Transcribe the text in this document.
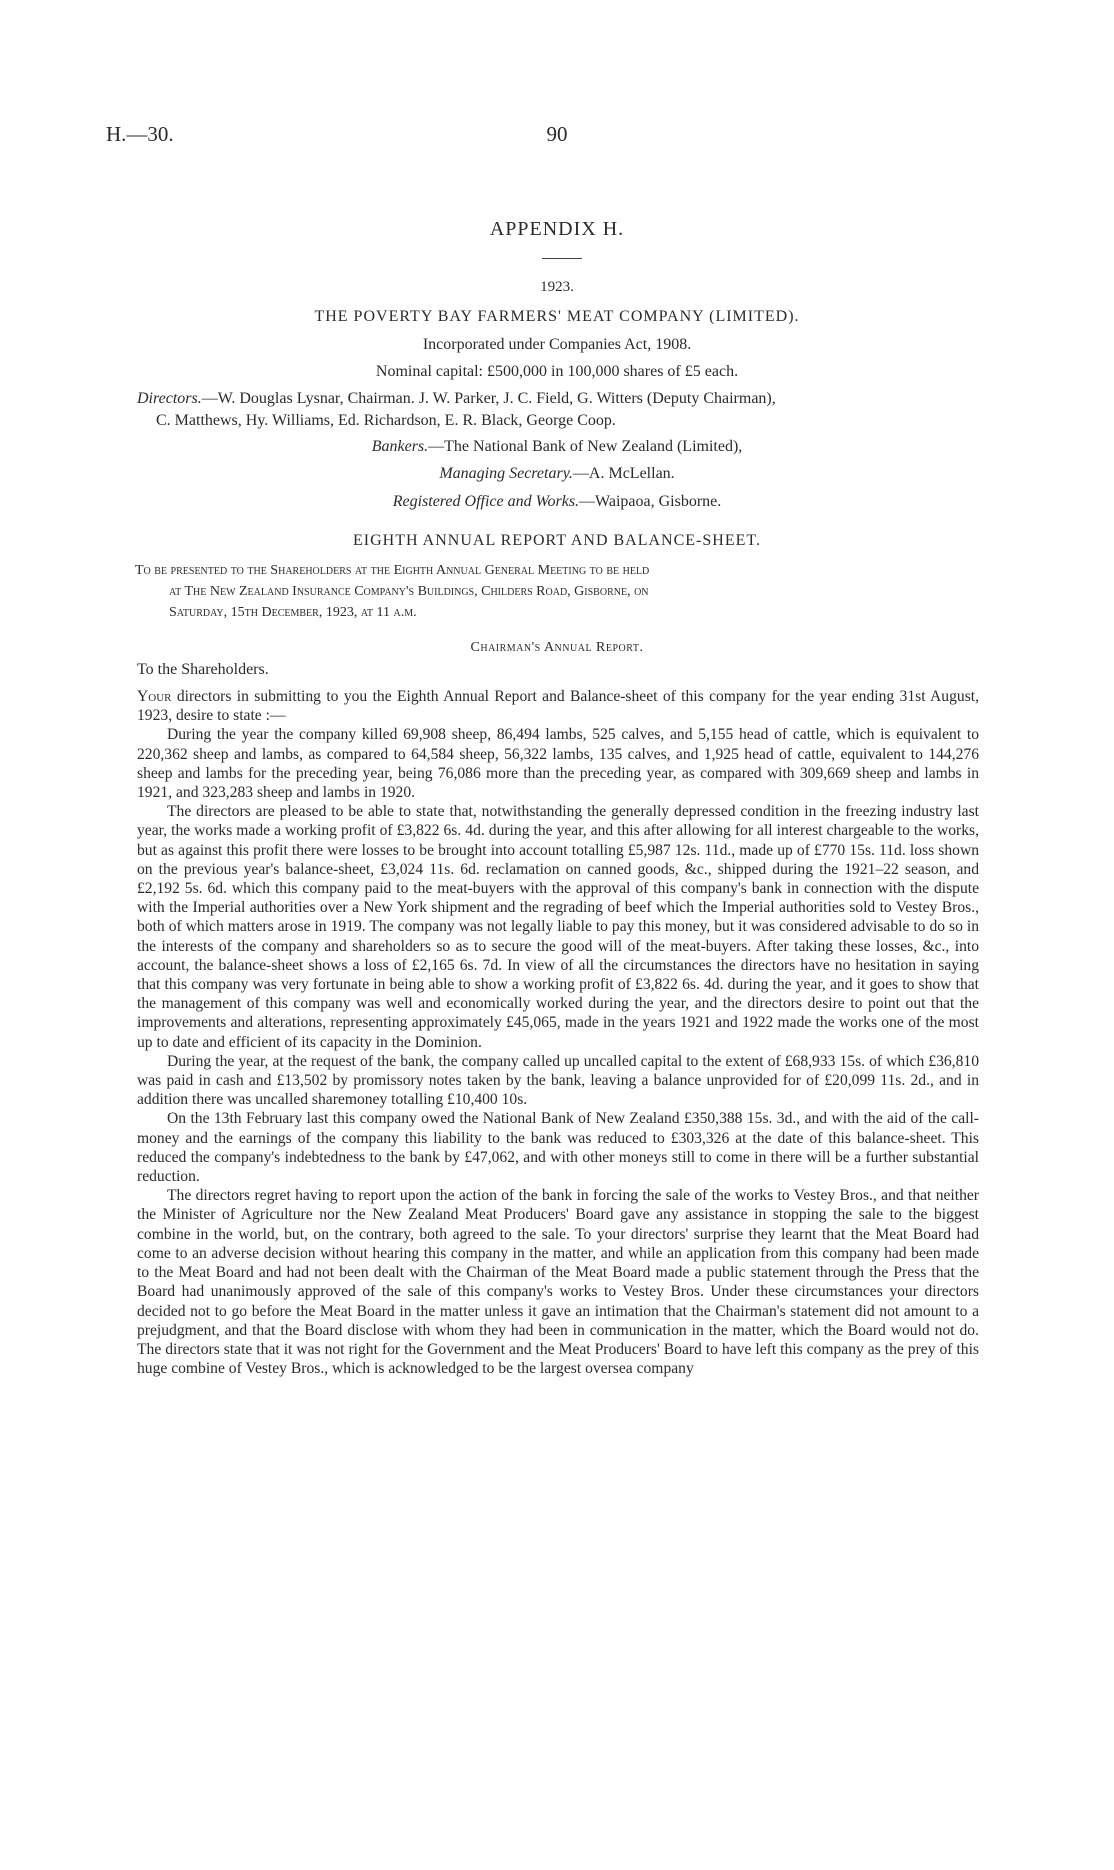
H.—30.	90
APPENDIX H.
1923.
THE POVERTY BAY FARMERS' MEAT COMPANY (LIMITED).
Incorporated under Companies Act, 1908.
Nominal capital: £500,000 in 100,000 shares of £5 each.
Directors.—W. Douglas Lysnar, Chairman. J. W. Parker, J. C. Field, G. Witters (Deputy Chairman),
C. Matthews, Hy. Williams, Ed. Richardson, E. R. Black, George Coop.
Bankers.—The National Bank of New Zealand (Limited),
Managing Secretary.—A. McLellan.
Registered Office and Works.—Waipaoa, Gisborne.
EIGHTH ANNUAL REPORT AND BALANCE-SHEET.
To be presented to the Shareholders at the Eighth Annual General Meeting to be held
at The New Zealand Insurance Company's Buildings, Childers Road, Gisborne, on
Saturday, 15th December, 1923, at 11 a.m.
Chairman's Annual Report.
To the Shareholders.

Your directors in submitting to you the Eighth Annual Report and Balance-sheet of this company for the year ending 31st August, 1923, desire to state :—

During the year the company killed 69,908 sheep, 86,494 lambs, 525 calves, and 5,155 head of cattle, which is equivalent to 220,362 sheep and lambs, as compared to 64,584 sheep, 56,322 lambs, 135 calves, and 1,925 head of cattle, equivalent to 144,276 sheep and lambs for the preceding year, being 76,086 more than the preceding year, as compared with 309,669 sheep and lambs in 1921, and 323,283 sheep and lambs in 1920.

The directors are pleased to be able to state that, notwithstanding the generally depressed condition in the freezing industry last year, the works made a working profit of £3,822 6s. 4d. during the year, and this after allowing for all interest chargeable to the works, but as against this profit there were losses to be brought into account totalling £5,987 12s. 11d., made up of £770 15s. 11d. loss shown on the previous year's balance-sheet, £3,024 11s. 6d. reclamation on canned goods, &c., shipped during the 1921–22 season, and £2,192 5s. 6d. which this company paid to the meat-buyers with the approval of this company's bank in connection with the dispute with the Imperial authorities over a New York shipment and the regrading of beef which the Imperial authorities sold to Vestey Bros., both of which matters arose in 1919. The company was not legally liable to pay this money, but it was considered advisable to do so in the interests of the company and shareholders so as to secure the good will of the meat-buyers. After taking these losses, &c., into account, the balance-sheet shows a loss of £2,165 6s. 7d. In view of all the circumstances the directors have no hesitation in saying that this company was very fortunate in being able to show a working profit of £3,822 6s. 4d. during the year, and it goes to show that the management of this company was well and economically worked during the year, and the directors desire to point out that the improvements and alterations, representing approximately £45,065, made in the years 1921 and 1922 made the works one of the most up to date and efficient of its capacity in the Dominion.

During the year, at the request of the bank, the company called up uncalled capital to the extent of £68,933 15s. of which £36,810 was paid in cash and £13,502 by promissory notes taken by the bank, leaving a balance unprovided for of £20,099 11s. 2d., and in addition there was uncalled sharemoney totalling £10,400 10s.

On the 13th February last this company owed the National Bank of New Zealand £350,388 15s. 3d., and with the aid of the call-money and the earnings of the company this liability to the bank was reduced to £303,326 at the date of this balance-sheet. This reduced the company's indebtedness to the bank by £47,062, and with other moneys still to come in there will be a further substantial reduction.

The directors regret having to report upon the action of the bank in forcing the sale of the works to Vestey Bros., and that neither the Minister of Agriculture nor the New Zealand Meat Producers' Board gave any assistance in stopping the sale to the biggest combine in the world, but, on the contrary, both agreed to the sale. To your directors' surprise they learnt that the Meat Board had come to an adverse decision without hearing this company in the matter, and while an application from this company had been made to the Meat Board and had not been dealt with the Chairman of the Meat Board made a public statement through the Press that the Board had unanimously approved of the sale of this company's works to Vestey Bros. Under these circumstances your directors decided not to go before the Meat Board in the matter unless it gave an intimation that the Chairman's statement did not amount to a prejudgment, and that the Board disclose with whom they had been in communication in the matter, which the Board would not do. The directors state that it was not right for the Government and the Meat Producers' Board to have left this company as the prey of this huge combine of Vestey Bros., which is acknowledged to be the largest oversea company
